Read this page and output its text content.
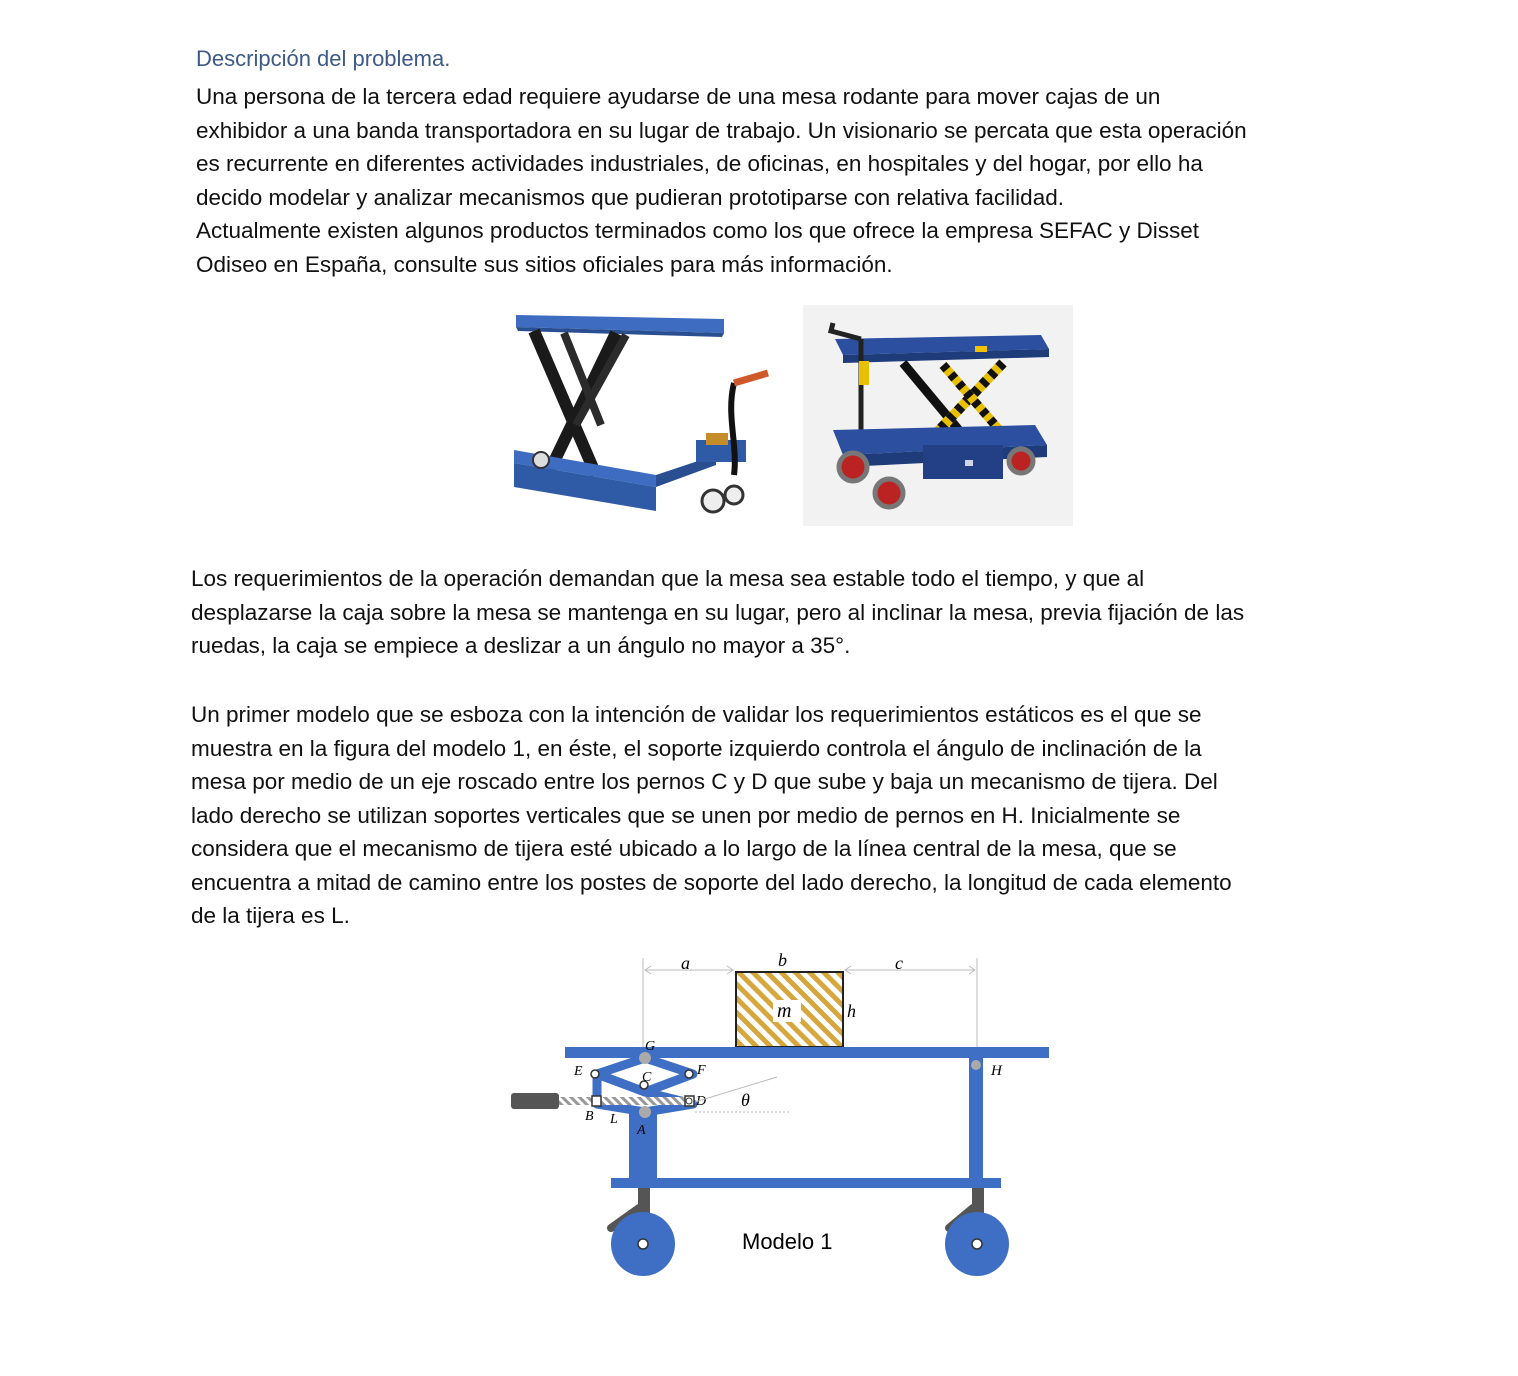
Descripción del problema.
Una persona de la tercera edad requiere ayudarse de una mesa rodante para mover cajas de un
exhibidor a una banda transportadora en su lugar de trabajo. Un visionario se percata que esta operación
es recurrente en diferentes actividades industriales, de oficinas, en hospitales y del hogar, por ello ha
decido modelar y analizar mecanismos que pudieran prototiparse con relativa facilidad.
Actualmente existen algunos productos terminados como los que ofrece la empresa SEFAC y Disset
Odiseo en España, consulte sus sitios oficiales para más información.
Los requerimientos de la operación demandan que la mesa sea estable todo el tiempo, y que al
desplazarse la caja sobre la mesa se mantenga en su lugar, pero al inclinar la mesa, previa fijación de las
ruedas, la caja se empiece a deslizar a un ángulo no mayor a 35°.
Un primer modelo que se esboza con la intención de validar los requerimientos estáticos es el que se
muestra en la figura del modelo 1, en éste, el soporte izquierdo controla el ángulo de inclinación de la
mesa por medio de un eje roscado entre los pernos C y D que sube y baja un mecanismo de tijera. Del
lado derecho se utilizan soportes verticales que se unen por medio de pernos en H. Inicialmente se
considera que el mecanismo de tijera esté ubicado a lo largo de la línea central de la mesa, que se
encuentra a mitad de camino entre los postes de soporte del lado derecho, la longitud de cada elemento
de la tijera es L.
a	b	c
m	h
H
G
E	F
C
D
B L
A
θ
Modelo 1
